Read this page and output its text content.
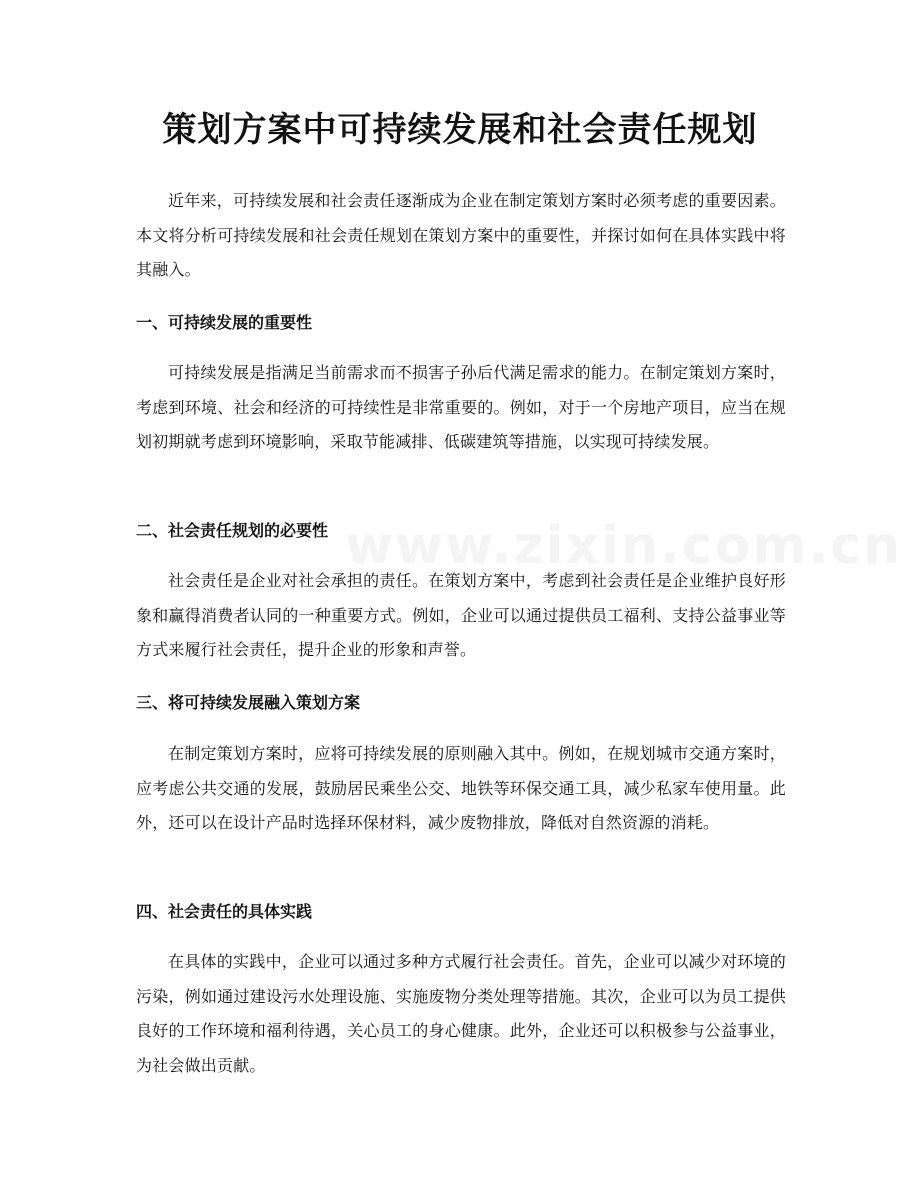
www.zixin.com.cn
策划方案中可持续发展和社会责任规划

近年来，可持续发展和社会责任逐渐成为企业在制定策划方案时必须考虑的重要因素。本文将分析可持续发展和社会责任规划在策划方案中的重要性，并探讨如何在具体实践中将其融入。

一、可持续发展的重要性

可持续发展是指满足当前需求而不损害子孙后代满足需求的能力。在制定策划方案时，考虑到环境、社会和经济的可持续性是非常重要的。例如，对于一个房地产项目，应当在规划初期就考虑到环境影响，采取节能减排、低碳建筑等措施，以实现可持续发展。

二、社会责任规划的必要性

社会责任是企业对社会承担的责任。在策划方案中，考虑到社会责任是企业维护良好形象和赢得消费者认同的一种重要方式。例如，企业可以通过提供员工福利、支持公益事业等方式来履行社会责任，提升企业的形象和声誉。

三、将可持续发展融入策划方案

在制定策划方案时，应将可持续发展的原则融入其中。例如，在规划城市交通方案时，应考虑公共交通的发展，鼓励居民乘坐公交、地铁等环保交通工具，减少私家车使用量。此外，还可以在设计产品时选择环保材料，减少废物排放，降低对自然资源的消耗。

四、社会责任的具体实践

在具体的实践中，企业可以通过多种方式履行社会责任。首先，企业可以减少对环境的污染，例如通过建设污水处理设施、实施废物分类处理等措施。其次，企业可以为员工提供良好的工作环境和福利待遇，关心员工的身心健康。此外，企业还可以积极参与公益事业，为社会做出贡献。
